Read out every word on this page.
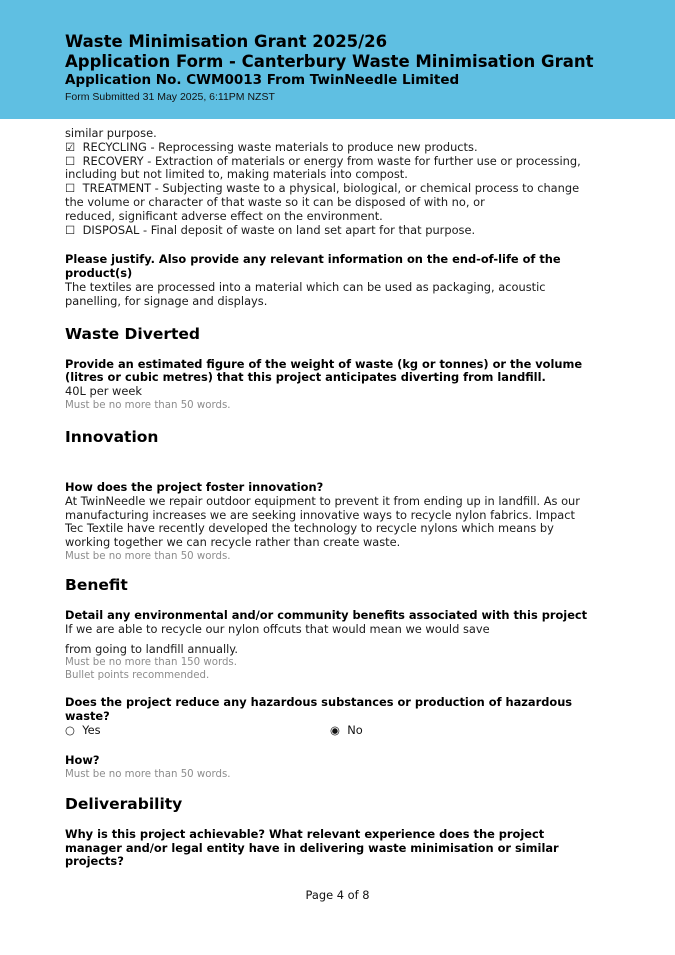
Waste Minimisation Grant 2025/26
Application Form - Canterbury Waste Minimisation Grant
Application No. CWM0013 From TwinNeedle Limited
Form Submitted 31 May 2025, 6:11PM NZST
similar purpose.
☑ RECYCLING - Reprocessing waste materials to produce new products.
☐ RECOVERY - Extraction of materials or energy from waste for further use or processing,
including but not limited to, making materials into compost.
☐ TREATMENT - Subjecting waste to a physical, biological, or chemical process to change
the volume or character of that waste so it can be disposed of with no, or reduced, significant adverse effect on the environment.
☐ DISPOSAL - Final deposit of waste on land set apart for that purpose.
Please justify. Also provide any relevant information on the end-of-life of the product(s)
The textiles are processed into a material which can be used as packaging, acoustic panelling, for signage and displays.
Waste Diverted
Provide an estimated figure of the weight of waste (kg or tonnes) or the volume (litres or cubic metres) that this project anticipates diverting from landfill.
40L per week
Must be no more than 50 words.
Innovation
How does the project foster innovation?
At TwinNeedle we repair outdoor equipment to prevent it from ending up in landfill. As our manufacturing increases we are seeking innovative ways to recycle nylon fabrics. Impact Tec Textile have recently developed the technology to recycle nylons which means by working together we can recycle rather than create waste.
Must be no more than 50 words.
Benefit
Detail any environmental and/or community benefits associated with this project
If we are able to recycle our nylon offcuts that would mean we would save
from going to landfill annually.
Must be no more than 150 words.
Bullet points recommended.
Does the project reduce any hazardous substances or production of hazardous waste?
○ Yes	◉ No
How?
Must be no more than 50 words.
Deliverability
Why is this project achievable? What relevant experience does the project manager and/or legal entity have in delivering waste minimisation or similar projects?
Page 4 of 8
